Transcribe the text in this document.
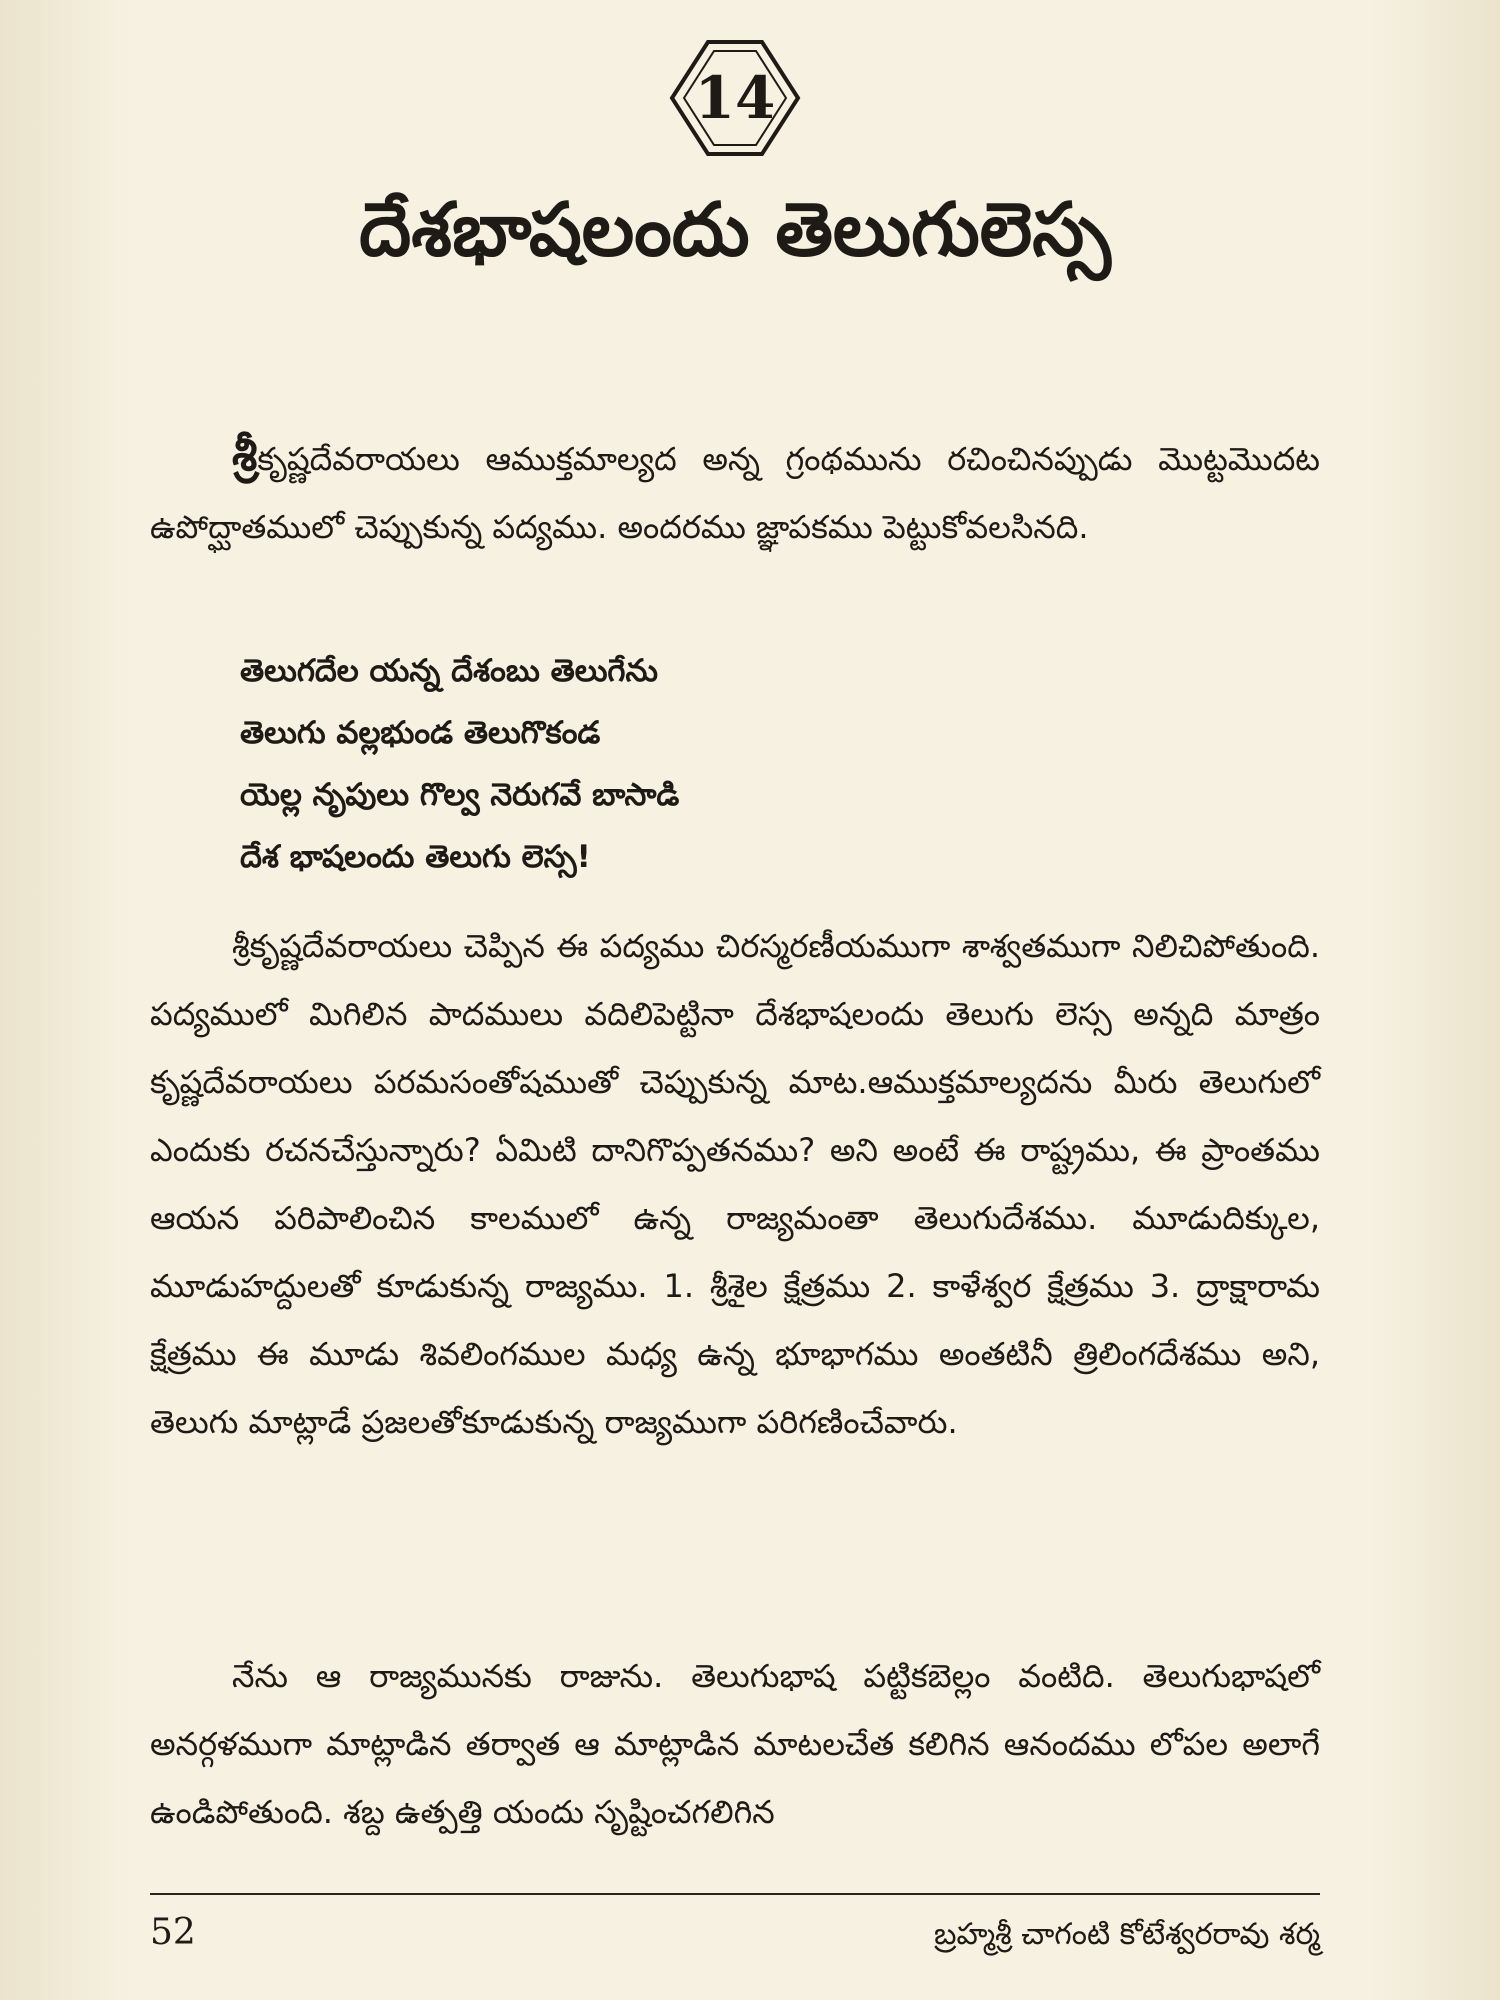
14
దేశభాషలందు తెలుగులెస్స

శ్రీకృష్ణదేవరాయలు ఆముక్తమాల్యద అన్న గ్రంథమును రచించినప్పుడు మొట్టమొదట ఉపోద్ఘాతములో చెప్పుకున్న పద్యము. అందరము జ్ఞాపకము పెట్టుకోవలసినది.

తెలుగదేల యన్న దేశంబు తెలుగేను
తెలుగు వల్లభుండ తెలుగొకండ
యెల్ల నృపులు గొల్వ నెరుగవే బాసాడి
దేశ భాషలందు తెలుగు లెస్స!

శ్రీకృష్ణదేవరాయలు చెప్పిన ఈ పద్యము చిరస్మరణీయముగా శాశ్వతముగా నిలిచిపోతుంది. పద్యములో మిగిలిన పాదములు వదిలిపెట్టినా దేశభాషలందు తెలుగు లెస్స అన్నది మాత్రం కృష్ణదేవరాయలు పరమసంతోషముతో చెప్పుకున్న మాట.ఆముక్తమాల్యదను మీరు తెలుగులో ఎందుకు రచనచేస్తున్నారు? ఏమిటి దానిగొప్పతనము? అని అంటే ఈ రాష్ట్రము, ఈ ప్రాంతము ఆయన పరిపాలించిన కాలములో ఉన్న రాజ్యమంతా తెలుగుదేశము. మూడుదిక్కుల, మూడుహద్దులతో కూడుకున్న రాజ్యము. 1. శ్రీశైల క్షేత్రము 2. కాళేశ్వర క్షేత్రము 3. ద్రాక్షారామ క్షేత్రము ఈ మూడు శివలింగముల మధ్య ఉన్న భూభాగము అంతటినీ త్రిలింగదేశము అని, తెలుగు మాట్లాడే ప్రజలతోకూడుకున్న రాజ్యముగా పరిగణించేవారు.

నేను ఆ రాజ్యమునకు రాజును. తెలుగుభాష పట్టికబెల్లం వంటిది. తెలుగుభాషలో అనర్గళముగా మాట్లాడిన తర్వాత ఆ మాట్లాడిన మాటలచేత కలిగిన ఆనందము లోపల అలాగే ఉండిపోతుంది. శబ్ద ఉత్పత్తి యందు సృష్టించగలిగిన

52	బ్రహ్మశ్రీ చాగంటి కోటేశ్వరరావు శర్మ
